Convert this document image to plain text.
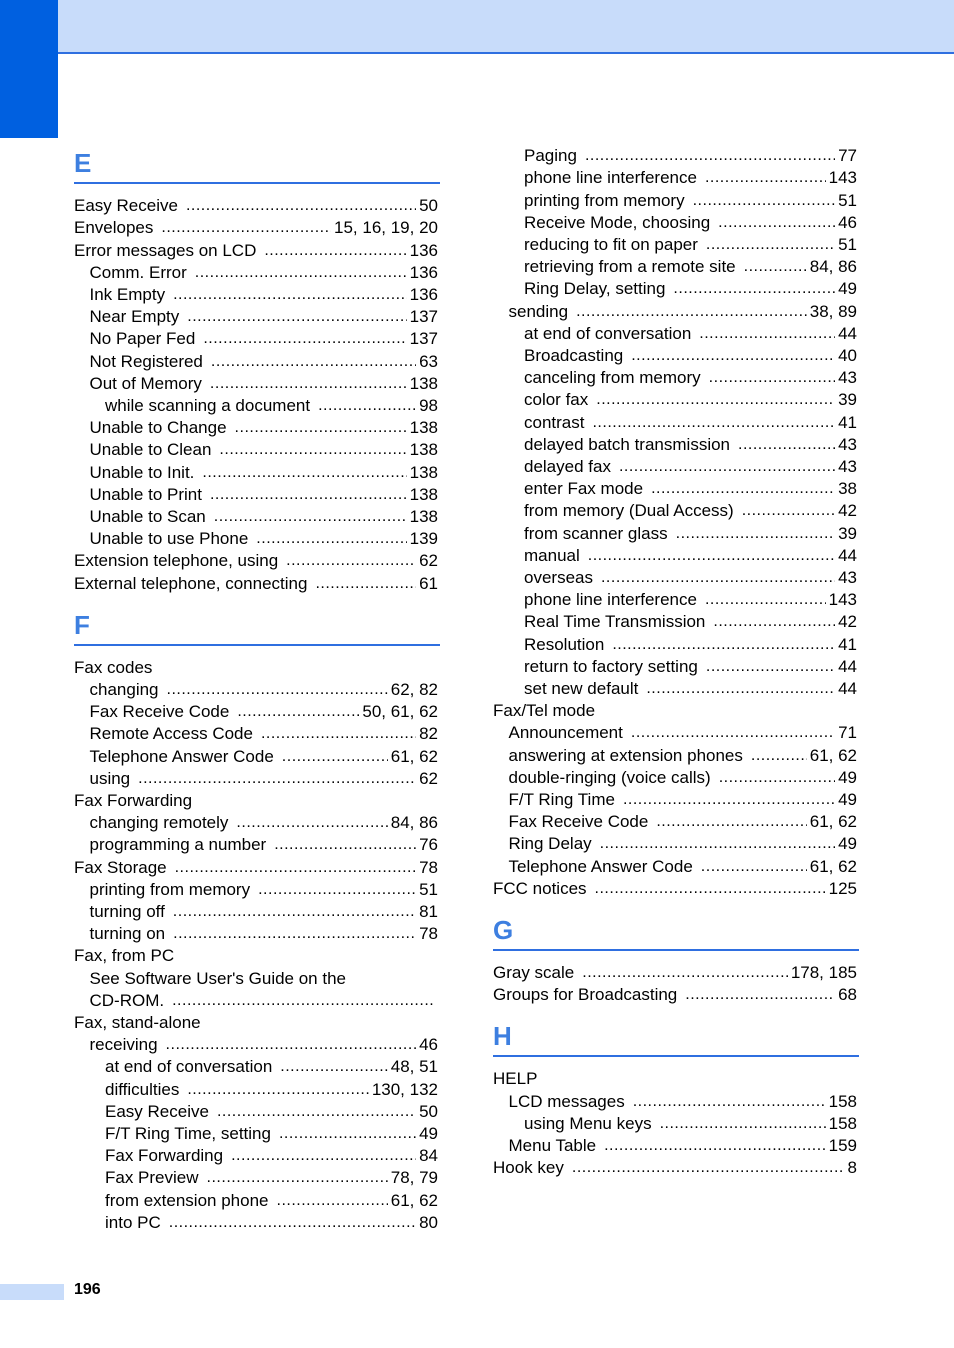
E
Easy Receive .....	50
Envelopes .....	15, 16, 19, 20
Error messages on LCD .....	136
Comm. Error .....	136
Ink Empty .....	136
Near Empty .....	137
No Paper Fed .....	137
Not Registered .....	63
Out of Memory .....	138
while scanning a document .....	98
Unable to Change .....	138
Unable to Clean .....	138
Unable to Init. .....	138
Unable to Print .....	138
Unable to Scan .....	138
Unable to use Phone .....	139
Extension telephone, using .....	62
External telephone, connecting .....	61
F
Fax codes
changing .....	62, 82
Fax Receive Code .....	50, 61, 62
Remote Access Code .....	82
Telephone Answer Code .....	61, 62
using .....	62
Fax Forwarding
changing remotely .....	84, 86
programming a number .....	76
Fax Storage .....	78
printing from memory .....	51
turning off .....	81
turning on .....	78
Fax, from PC
See Software User's Guide on the
CD-ROM.
.....
Fax, stand-alone
receiving .....	46
at end of conversation .....	48, 51
difficulties .....	130, 132
Easy Receive .....	50
F/T Ring Time, setting .....	49
Fax Forwarding .....	84
Fax Preview .....	78, 79
from extension phone .....	61, 62
into PC .....	80
Paging .....	77
phone line interference .....	143
printing from memory .....	51
Receive Mode, choosing .....	46
reducing to fit on paper .....	51
retrieving from a remote site .....	84, 86
Ring Delay, setting .....	49
sending .....	38, 89
at end of conversation .....	44
Broadcasting .....	40
canceling from memory .....	43
color fax .....	39
contrast .....	41
delayed batch transmission .....	43
delayed fax .....	43
enter Fax mode .....	38
from memory (Dual Access) .....	42
from scanner glass .....	39
manual .....	44
overseas .....	43
phone line interference .....	143
Real Time Transmission .....	42
Resolution .....	41
return to factory setting .....	44
set new default .....	44
Fax/Tel mode
Announcement .....	71
answering at extension phones .....	61, 62
double-ringing (voice calls) .....	49
F/T Ring Time .....	49
Fax Receive Code .....	61, 62
Ring Delay .....	49
Telephone Answer Code .....	61, 62
FCC notices .....	125
G
Gray scale .....	178, 185
Groups for Broadcasting .....	68
H
HELP
LCD messages .....	158
using Menu keys .....	158
Menu Table .....	159
Hook key .....	8
196
